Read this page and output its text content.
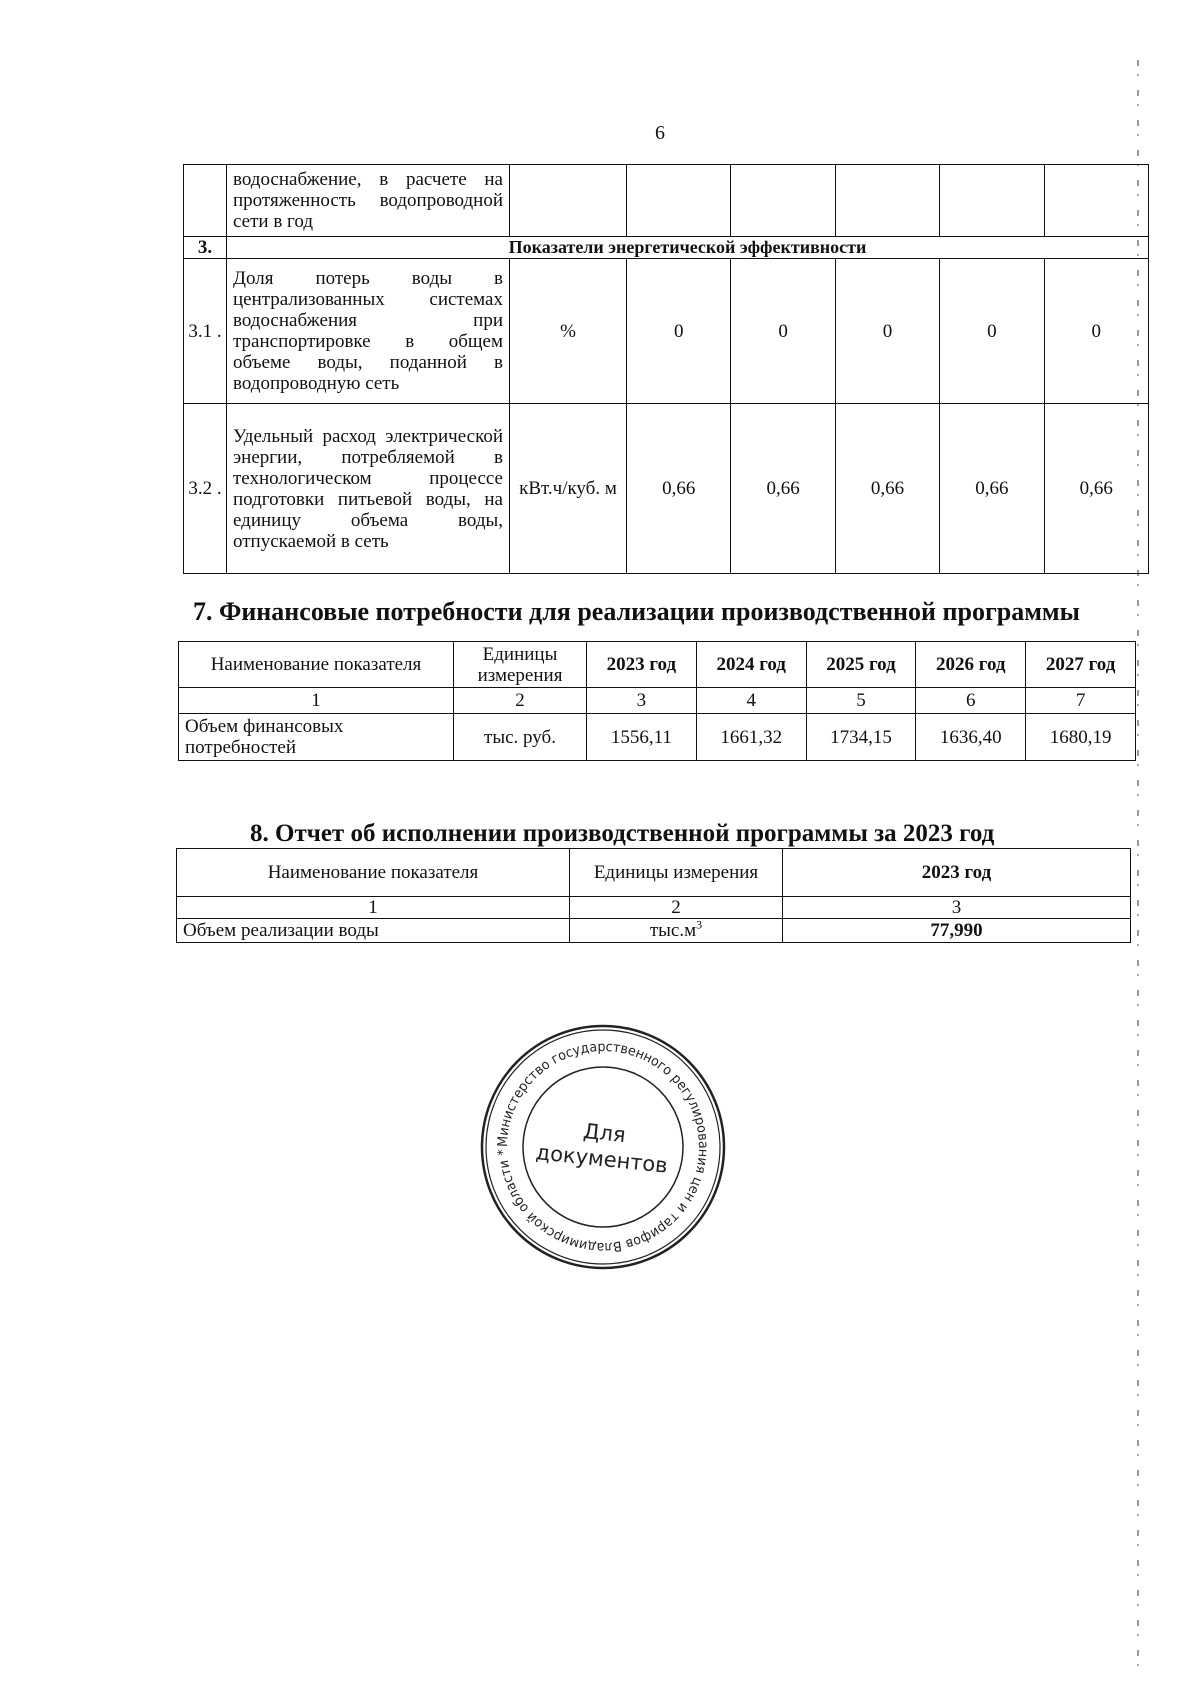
6
	водоснабжение, в расчете на протяженность водопроводной сети в год						
3.	Показатели энергетической эффективности						
3.1 .	Доля потерь воды в централизованных системах водоснабжения при транспортировке в общем объеме воды, поданной в водопроводную сеть	%	0	0	0	0	0
3.2 .	Удельный расход электрической энергии, потребляемой в технологическом процессе подготовки питьевой воды, на единицу объема воды, отпускаемой в сеть	кВт.ч/куб. м	0,66	0,66	0,66	0,66	0,66
7. Финансовые потребности для реализации производственной программы
Наименование показателя	Единицы измерения	2023 год	2024 год	2025 год	2026 год	2027 год
1	2	3	4	5	6	7
Объем финансовых потребностей	тыс. руб.	1556,11	1661,32	1734,15	1636,40	1680,19
8. Отчет об исполнении производственной программы за 2023 год
Наименование показателя	Единицы измерения	2023 год
1	2	3
Объем реализации воды	$тыс.м^3$	77,990
Министерство государственного регулирования цен и тарифов Владимирской области *
Для
документов
